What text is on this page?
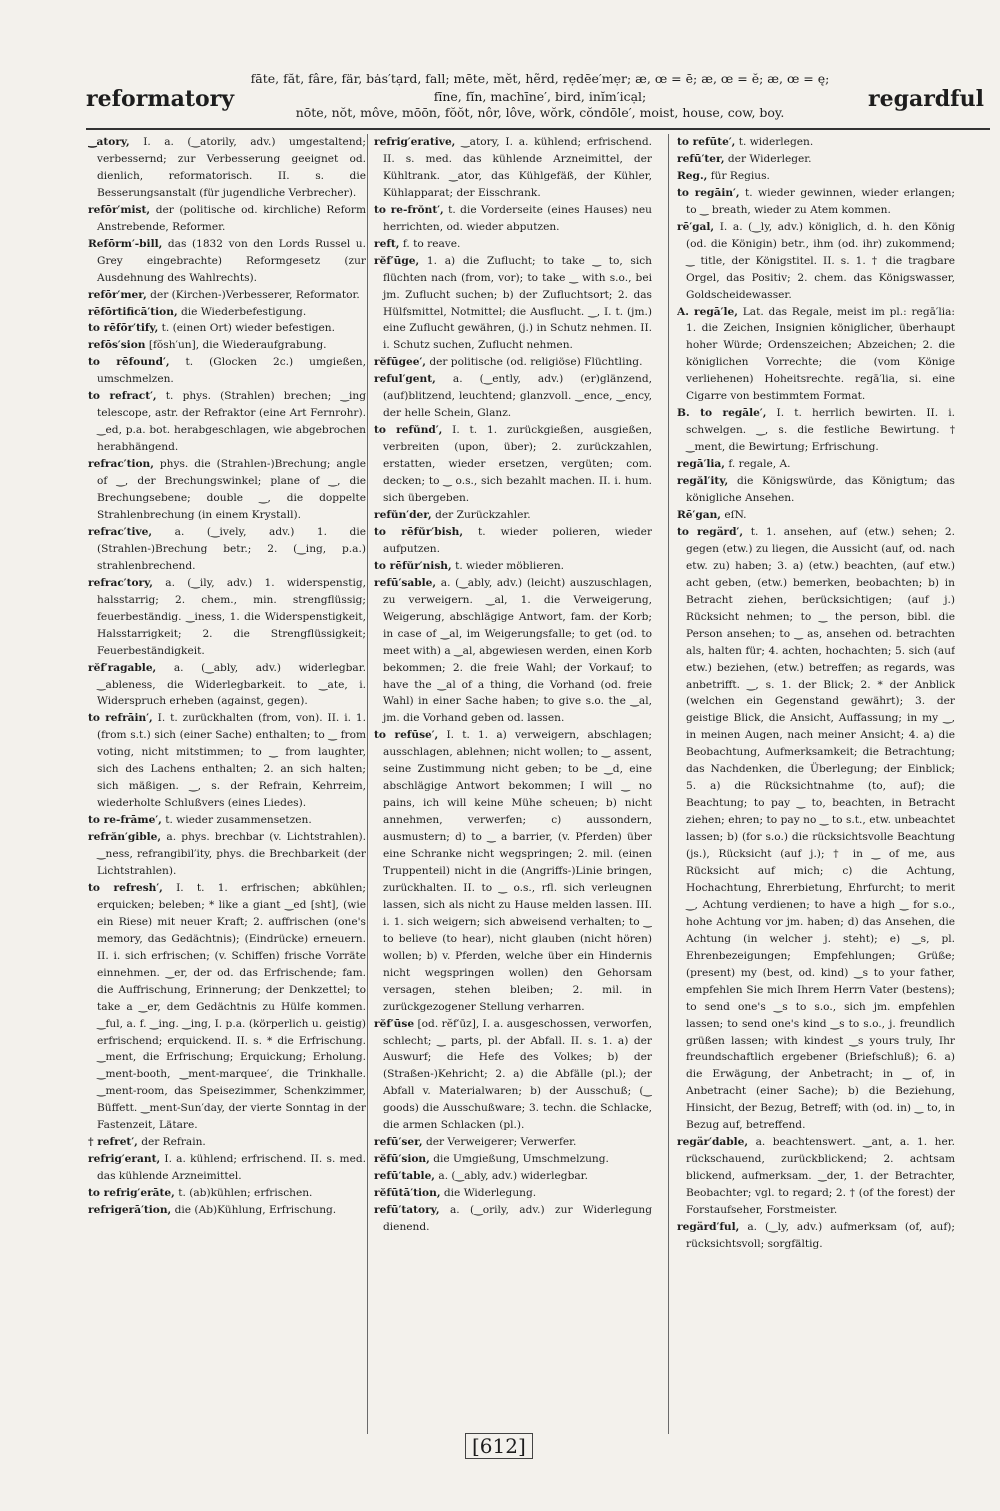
reformatory
fāte, făt, fâre, fär, bȧs′tạrd, fall; mēte, mĕt, hẽrd, rẹdēe′mẹr; æ, œ = ē; æ, œ = ĕ; æ, œ = ę;
fīne, fĭn, machīne′, bird, inĭm′icạl;
nōte, nŏt, môve, mōōn, fŏŏt, nôr, lôve, wŏrk, cŏndōle′, moist, house, cow, boy.
regardful

‿atory, I. a. (‿atorily, adv.) umgestaltend; verbessernd; zur Verbesserung geeignet od. dienlich, reformatorisch. II. s. die Besserungsanstalt (für jugendliche Verbrecher).

refōr′mist, der (politische od. kirchliche) Reform Anstrebende, Reformer.

Refōrm′-bill, das (1832 von den Lords Russel u. Grey eingebrachte) Reformgesetz (zur Ausdehnung des Wahlrechts).

refōr′mer, der (Kirchen-)Verbesserer, Reformator.

rēfōrtificā′tion, die Wiederbefestigung.

to rēfōr′tify, t. (einen Ort) wieder befestigen.

refōs′sion [fŏsh′un], die Wiederaufgrabung.

to rēfound′, t. (Glocken 2c.) umgießen, umschmelzen.

to refract′, t. phys. (Strahlen) brechen; ‿ing telescope, astr. der Refraktor (eine Art Fernrohr). ‿ed, p.a. bot. herabgeschlagen, wie abgebrochen herabhängend.

refrac′tion, phys. die (Strahlen-)Brechung; angle of ‿, der Brechungswinkel; plane of ‿, die Brechungsebene; double ‿, die doppelte Strahlenbrechung (in einem Krystall).

refrac′tive, a. (‿ively, adv.) 1. die (Strahlen-)Brechung betr.; 2. (‿ing, p.a.) strahlenbrechend.

refrac′tory, a. (‿ily, adv.) 1. widerspenstig, halsstarrig; 2. chem., min. strengflüssig; feuerbeständig. ‿iness, 1. die Widerspenstigkeit, Halsstarrigkeit; 2. die Strengflüssigkeit; Feuerbeständigkeit.

rĕf′ragable, a. (‿ably, adv.) widerlegbar. ‿ableness, die Widerlegbarkeit. to ‿ate, i. Widerspruch erheben (against, gegen).

to refrāin′, I. t. zurückhalten (from, von). II. i. 1. (from s.t.) sich (einer Sache) enthalten; to ‿ from voting, nicht mitstimmen; to ‿ from laughter, sich des Lachens enthalten; 2. an sich halten; sich mäßigen. ‿, s. der Refrain, Kehrreim, wiederholte Schlußvers (eines Liedes).

to re-frāme′, t. wieder zusammensetzen.

refrăn′gible, a. phys. brechbar (v. Lichtstrahlen). ‿ness, refrangibil′ity, phys. die Brechbarkeit (der Lichtstrahlen).

to refresh′, I. t. 1. erfrischen; abkühlen; erquicken; beleben; * like a giant ‿ed [sht], (wie ein Riese) mit neuer Kraft; 2. auffrischen (one's memory, das Gedächtnis); (Eindrücke) erneuern. II. i. sich erfrischen; (v. Schiffen) frische Vorräte einnehmen. ‿er, der od. das Erfrischende; fam. die Auffrischung, Erinnerung; der Denkzettel; to take a ‿er, dem Gedächtnis zu Hülfe kommen. ‿ful, a. f. ‿ing. ‿ing, I. p.a. (körperlich u. geistig) erfrischend; erquickend. II. s. * die Erfrischung. ‿ment, die Erfrischung; Erquickung; Erholung. ‿ment-booth, ‿ment-marquee′, die Trinkhalle. ‿ment-room, das Speisezimmer, Schenkzimmer, Büffett. ‿ment-Sun′day, der vierte Sonntag in der Fastenzeit, Lätare.

† refret′, der Refrain.

refrig′erant, I. a. kühlend; erfrischend. II. s. med. das kühlende Arzneimittel.

to refrig′erāte, t. (ab)kühlen; erfrischen.

refrigerā′tion, die (Ab)Kühlung, Erfrischung.

refrig′erative, ‿atory, I. a. kühlend; erfrischend. II. s. med. das kühlende Arzneimittel, der Kühltrank. ‿ator, das Kühlgefäß, der Kühler, Kühlapparat; der Eisschrank.

to re-frŏnt′, t. die Vorderseite (eines Hauses) neu herrichten, od. wieder abputzen.

reft, f. to reave.

rĕf′ūge, 1. a) die Zuflucht; to take ‿ to, sich flüchten nach (from, vor); to take ‿ with s.o., bei jm. Zuflucht suchen; b) der Zufluchtsort; 2. das Hülfsmittel, Notmittel; die Ausflucht. ‿, I. t. (jm.) eine Zuflucht gewähren, (j.) in Schutz nehmen. II. i. Schutz suchen, Zuflucht nehmen.

rĕfūgee′, der politische (od. religiöse) Flüchtling.

reful′gent, a. (‿ently, adv.) (er)glänzend, (auf)blitzend, leuchtend; glanzvoll. ‿ence, ‿ency, der helle Schein, Glanz.

to refŭnd′, I. t. 1. zurückgießen, ausgießen, verbreiten (upon, über); 2. zurückzahlen, erstatten, wieder ersetzen, vergüten; com. decken; to ‿ o.s., sich bezahlt machen. II. i. hum. sich übergeben.

refŭn′der, der Zurückzahler.

to rēfŭr′bish, t. wieder polieren, wieder aufputzen.

to rēfŭr′nish, t. wieder möblieren.

refū′sable, a. (‿ably, adv.) (leicht) auszuschlagen, zu verweigern. ‿al, 1. die Verweigerung, Weigerung, abschlägige Antwort, fam. der Korb; in case of ‿al, im Weigerungsfalle; to get (od. to meet with) a ‿al, abgewiesen werden, einen Korb bekommen; 2. die freie Wahl; der Vorkauf; to have the ‿al of a thing, die Vorhand (od. freie Wahl) in einer Sache haben; to give s.o. the ‿al, jm. die Vorhand geben od. lassen.

to refūse′, I. t. 1. a) verweigern, abschlagen; ausschlagen, ablehnen; nicht wollen; to ‿ assent, seine Zustimmung nicht geben; to be ‿d, eine abschlägige Antwort bekommen; I will ‿ no pains, ich will keine Mühe scheuen; b) nicht annehmen, verwerfen; c) aussondern, ausmustern; d) to ‿ a barrier, (v. Pferden) über eine Schranke nicht wegspringen; 2. mil. (einen Truppenteil) nicht in die (Angriffs-)Linie bringen, zurückhalten. II. to ‿ o.s., rfl. sich verleugnen lassen, sich als nicht zu Hause melden lassen. III. i. 1. sich weigern; sich abweisend verhalten; to ‿ to believe (to hear), nicht glauben (nicht hören) wollen; b) v. Pferden, welche über ein Hindernis nicht wegspringen wollen) den Gehorsam versagen, stehen bleiben; 2. mil. in zurückgezogener Stellung verharren.

rĕf′ūse [od. rĕf′ūz], I. a. ausgeschossen, verworfen, schlecht; ‿ parts, pl. der Abfall. II. s. 1. a) der Auswurf; die Hefe des Volkes; b) der (Straßen-)Kehricht; 2. a) die Abfälle (pl.); der Abfall v. Materialwaren; b) der Ausschuß; (‿ goods) die Ausschußware; 3. techn. die Schlacke, die armen Schlacken (pl.).

refū′ser, der Verweigerer; Verwerfer.

rĕfū′sion, die Umgießung, Umschmelzung.

refū′table, a. (‿ably, adv.) widerlegbar.

rĕfūtā′tion, die Widerlegung.

refū′tatory, a. (‿orily, adv.) zur Widerlegung dienend.

to refūte′, t. widerlegen.

refū′ter, der Widerleger.

Reg., für Regius.

to regāin′, t. wieder gewinnen, wieder erlangen; to ‿ breath, wieder zu Atem kommen.

rē′gal, I. a. (‿ly, adv.) königlich, d. h. den König (od. die Königin) betr., ihm (od. ihr) zukommend; ‿ title, der Königstitel. II. s. 1. † die tragbare Orgel, das Positiv; 2. chem. das Königswasser, Goldscheidewasser.

A. regā′le, Lat. das Regale, meist im pl.: regā′lia: 1. die Zeichen, Insignien königlicher, überhaupt hoher Würde; Ordenszeichen; Abzeichen; 2. die königlichen Vorrechte; die (vom Könige verliehenen) Hoheitsrechte. regā′lia, si. eine Cigarre von bestimmtem Format.

B. to regāle′, I. t. herrlich bewirten. II. i. schwelgen. ‿, s. die festliche Bewirtung. † ‿ment, die Bewirtung; Erfrischung.

regā′lia, f. regale, A.

regăl′ity, die Königswürde, das Königtum; das königliche Ansehen.

Rē′gan, eſN.

to regärd′, t. 1. ansehen, auf (etw.) sehen; 2. gegen (etw.) zu liegen, die Aussicht (auf, od. nach etw. zu) haben; 3. a) (etw.) beachten, (auf etw.) acht geben, (etw.) bemerken, beobachten; b) in Betracht ziehen, berücksichtigen; (auf j.) Rücksicht nehmen; to ‿ the person, bibl. die Person ansehen; to ‿ as, ansehen od. betrachten als, halten für; 4. achten, hochachten; 5. sich (auf etw.) beziehen, (etw.) betreffen; as regards, was anbetrifft. ‿, s. 1. der Blick; 2. * der Anblick (welchen ein Gegenstand gewährt); 3. der geistige Blick, die Ansicht, Auffassung; in my ‿, in meinen Augen, nach meiner Ansicht; 4. a) die Beobachtung, Aufmerksamkeit; die Betrachtung; das Nachdenken, die Überlegung; der Einblick; 5. a) die Rücksichtnahme (to, auf); die Beachtung; to pay ‿ to, beachten, in Betracht ziehen; ehren; to pay no ‿ to s.t., etw. unbeachtet lassen; b) (for s.o.) die rücksichtsvolle Beachtung (js.), Rücksicht (auf j.); † in ‿ of me, aus Rücksicht auf mich; c) die Achtung, Hochachtung, Ehrerbietung, Ehrfurcht; to merit ‿, Achtung verdienen; to have a high ‿ for s.o., hohe Achtung vor jm. haben; d) das Ansehen, die Achtung (in welcher j. steht); e) ‿s, pl. Ehrenbezeigungen; Empfehlungen; Grüße; (present) my (best, od. kind) ‿s to your father, empfehlen Sie mich Ihrem Herrn Vater (bestens); to send one's ‿s to s.o., sich jm. empfehlen lassen; to send one's kind ‿s to s.o., j. freundlich grüßen lassen; with kindest ‿s yours truly, Ihr freundschaftlich ergebener (Briefschluß); 6. a) die Erwägung, der Anbetracht; in ‿ of, in Anbetracht (einer Sache); b) die Beziehung, Hinsicht, der Bezug, Betreff; with (od. in) ‿ to, in Bezug auf, betreffend.

regär′dable, a. beachtenswert. ‿ant, a. 1. her. rückschauend, zurückblickend; 2. achtsam blickend, aufmerksam. ‿der, 1. der Betrachter, Beobachter; vgl. to regard; 2. † (of the forest) der Forstaufseher, Forstmeister.

regärd′ful, a. (‿ly, adv.) aufmerksam (of, auf); rücksichtsvoll; sorgfältig.

[612]
